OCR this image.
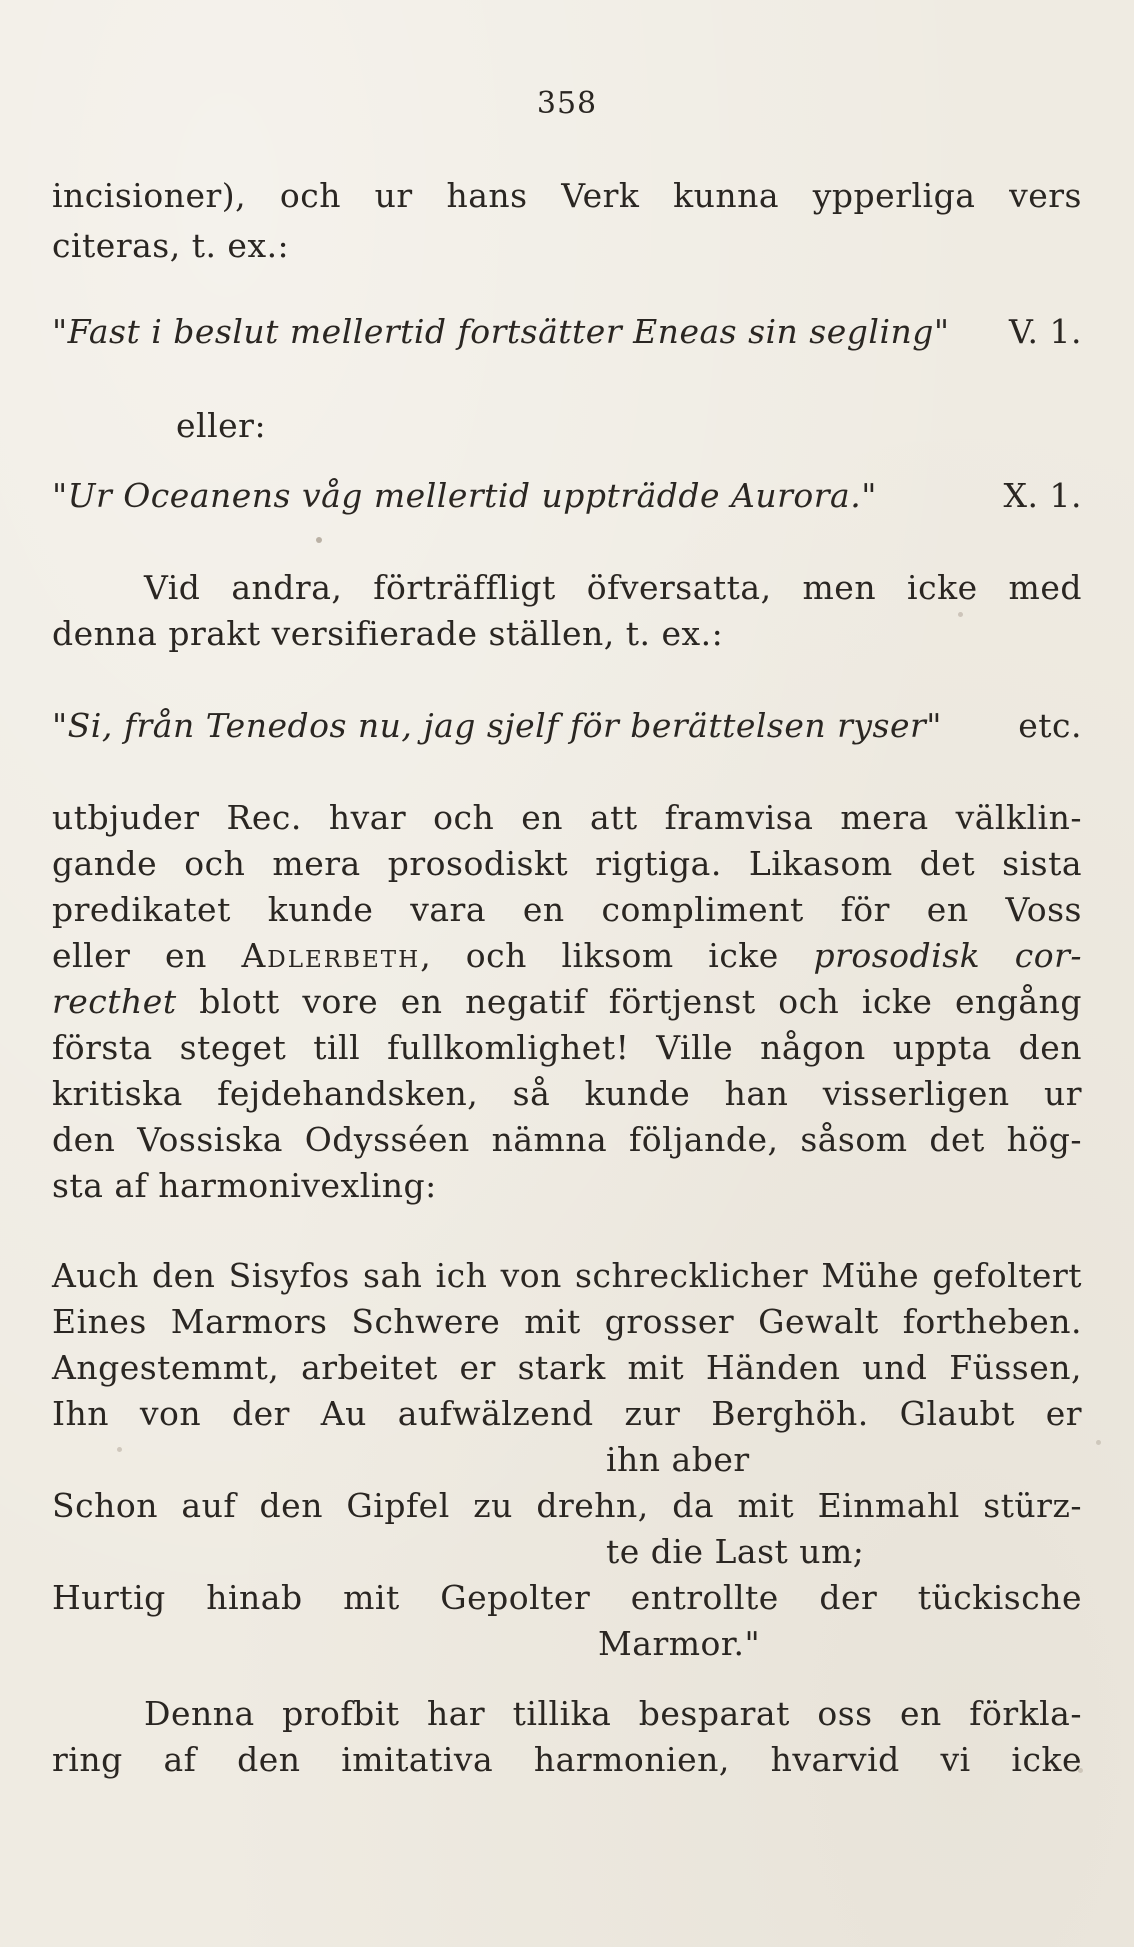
358
incisioner), och ur hans Verk kunna ypperliga vers
citeras, t. ex.:
"Fast i beslut mellertid fortsätter Eneas sin segling" V. 1.
eller:
"Ur Oceanens våg mellertid uppträdde Aurora."	X. 1.
Vid andra, förträffligt öfversatta, men icke med
denna prakt versifierade ställen, t. ex.:
"Si, från Tenedos nu, jag sjelf för berättelsen ryser" etc.
utbjuder Rec. hvar och en att framvisa mera välklin-
gande och mera prosodiskt rigtiga. Likasom det sista
predikatet kunde vara en compliment för en Voss
eller en Adlerbeth, och liksom icke prosodisk cor-
recthet blott vore en negatif förtjenst och icke engång
första steget till fullkomlighet! Ville någon uppta den
kritiska fejdehandsken, så kunde han visserligen ur
den Vossiska Odysséen nämna följande, såsom det hög-
sta af harmonivexling:
Auch den Sisyfos sah ich von schrecklicher Mühe gefoltert
Eines Marmors Schwere mit grosser Gewalt fortheben.
Angestemmt, arbeitet er stark mit Händen und Füssen,
Ihn von der Au aufwälzend zur Berghöh. Glaubt er
ihn aber
Schon auf den Gipfel zu drehn, da mit Einmahl stürz-
te die Last um;
Hurtig hinab mit Gepolter entrollte der tückische
Marmor."
Denna profbit har tillika besparat oss en förkla-
ring af den imitativa harmonien, hvarvid vi icke
